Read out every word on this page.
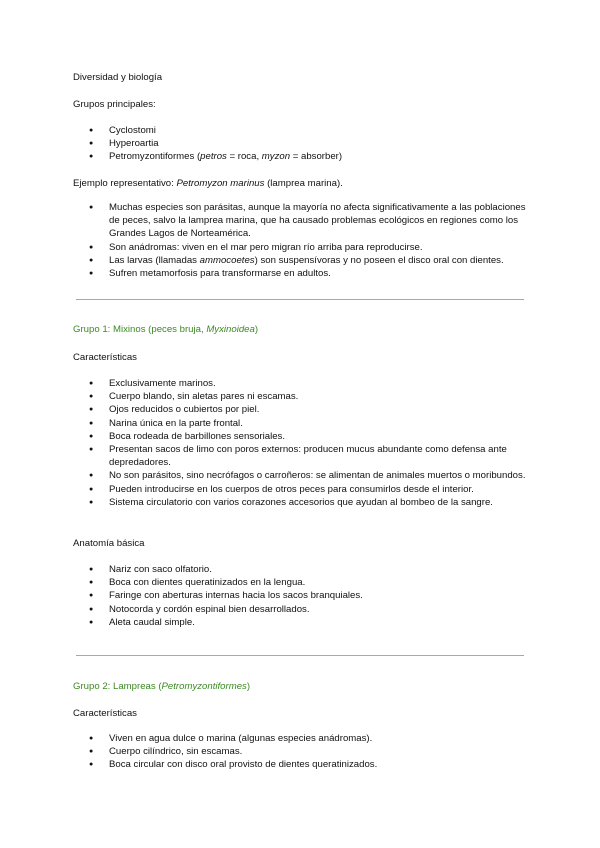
Diversidad y biología

Grupos principales:

● Cyclostomi
● Hyperoartia
● Petromyzontiformes (petros = roca, myzon = absorber)

Ejemplo representativo: Petromyzon marinus (lamprea marina).

● Muchas especies son parásitas, aunque la mayoría no afecta significativamente a las poblaciones de peces, salvo la lamprea marina, que ha causado problemas ecológicos en regiones como los Grandes Lagos de Norteamérica.
● Son anádromas: viven en el mar pero migran río arriba para reproducirse.
● Las larvas (llamadas ammocoetes) son suspensívoras y no poseen el disco oral con dientes.
● Sufren metamorfosis para transformarse en adultos.

Grupo 1: Mixinos (peces bruja, Myxinoidea)

Características

● Exclusivamente marinos.
● Cuerpo blando, sin aletas pares ni escamas.
● Ojos reducidos o cubiertos por piel.
● Narina única en la parte frontal.
● Boca rodeada de barbillones sensoriales.
● Presentan sacos de limo con poros externos: producen mucus abundante como defensa ante depredadores.
● No son parásitos, sino necrófagos o carroñeros: se alimentan de animales muertos o moribundos.
● Pueden introducirse en los cuerpos de otros peces para consumirlos desde el interior.
● Sistema circulatorio con varios corazones accesorios que ayudan al bombeo de la sangre.

Anatomía básica

● Nariz con saco olfatorio.
● Boca con dientes queratinizados en la lengua.
● Faringe con aberturas internas hacia los sacos branquiales.
● Notocorda y cordón espinal bien desarrollados.
● Aleta caudal simple.

Grupo 2: Lampreas (Petromyzontiformes)

Características

● Viven en agua dulce o marina (algunas especies anádromas).
● Cuerpo cilíndrico, sin escamas.
● Boca circular con disco oral provisto de dientes queratinizados.
